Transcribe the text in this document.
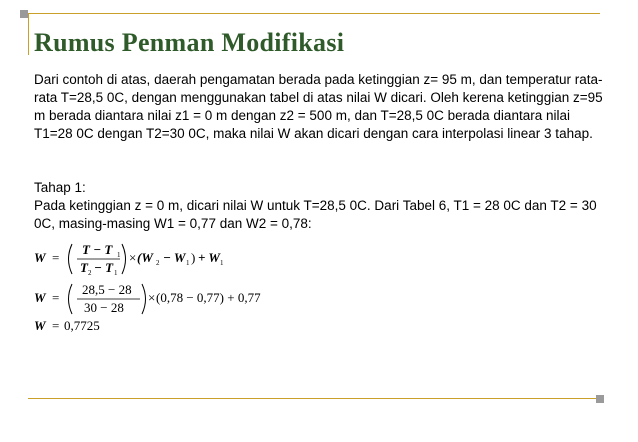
Rumus Penman Modifikasi
Dari contoh di atas, daerah pengamatan berada pada ketinggian z= 95 m, dan temperatur rata-rata T=28,5 0C, dengan menggunakan tabel di atas nilai W dicari. Oleh kerena ketinggian z=95 m berada diantara nilai z1 = 0 m dengan z2 = 500 m, dan T=28,5 0C berada diantara nilai T1=28 0C dengan T2=30 0C, maka nilai W akan dicari dengan cara interpolasi linear 3 tahap.
Tahap 1:
Pada ketinggian z = 0 m, dicari nilai W untuk T=28,5 0C. Dari Tabel 6, T1 = 28 0C dan T2 = 30 0C, masing-masing W1 = 0,77 dan W2 = 0,78:
W =
T − T 1
T 2 − T 1
× (W 2 − W 1 ) + W 1
W =
28,5 − 28
30 − 28
× (0,78 − 0,77) + 0,77
W = 0,7725
